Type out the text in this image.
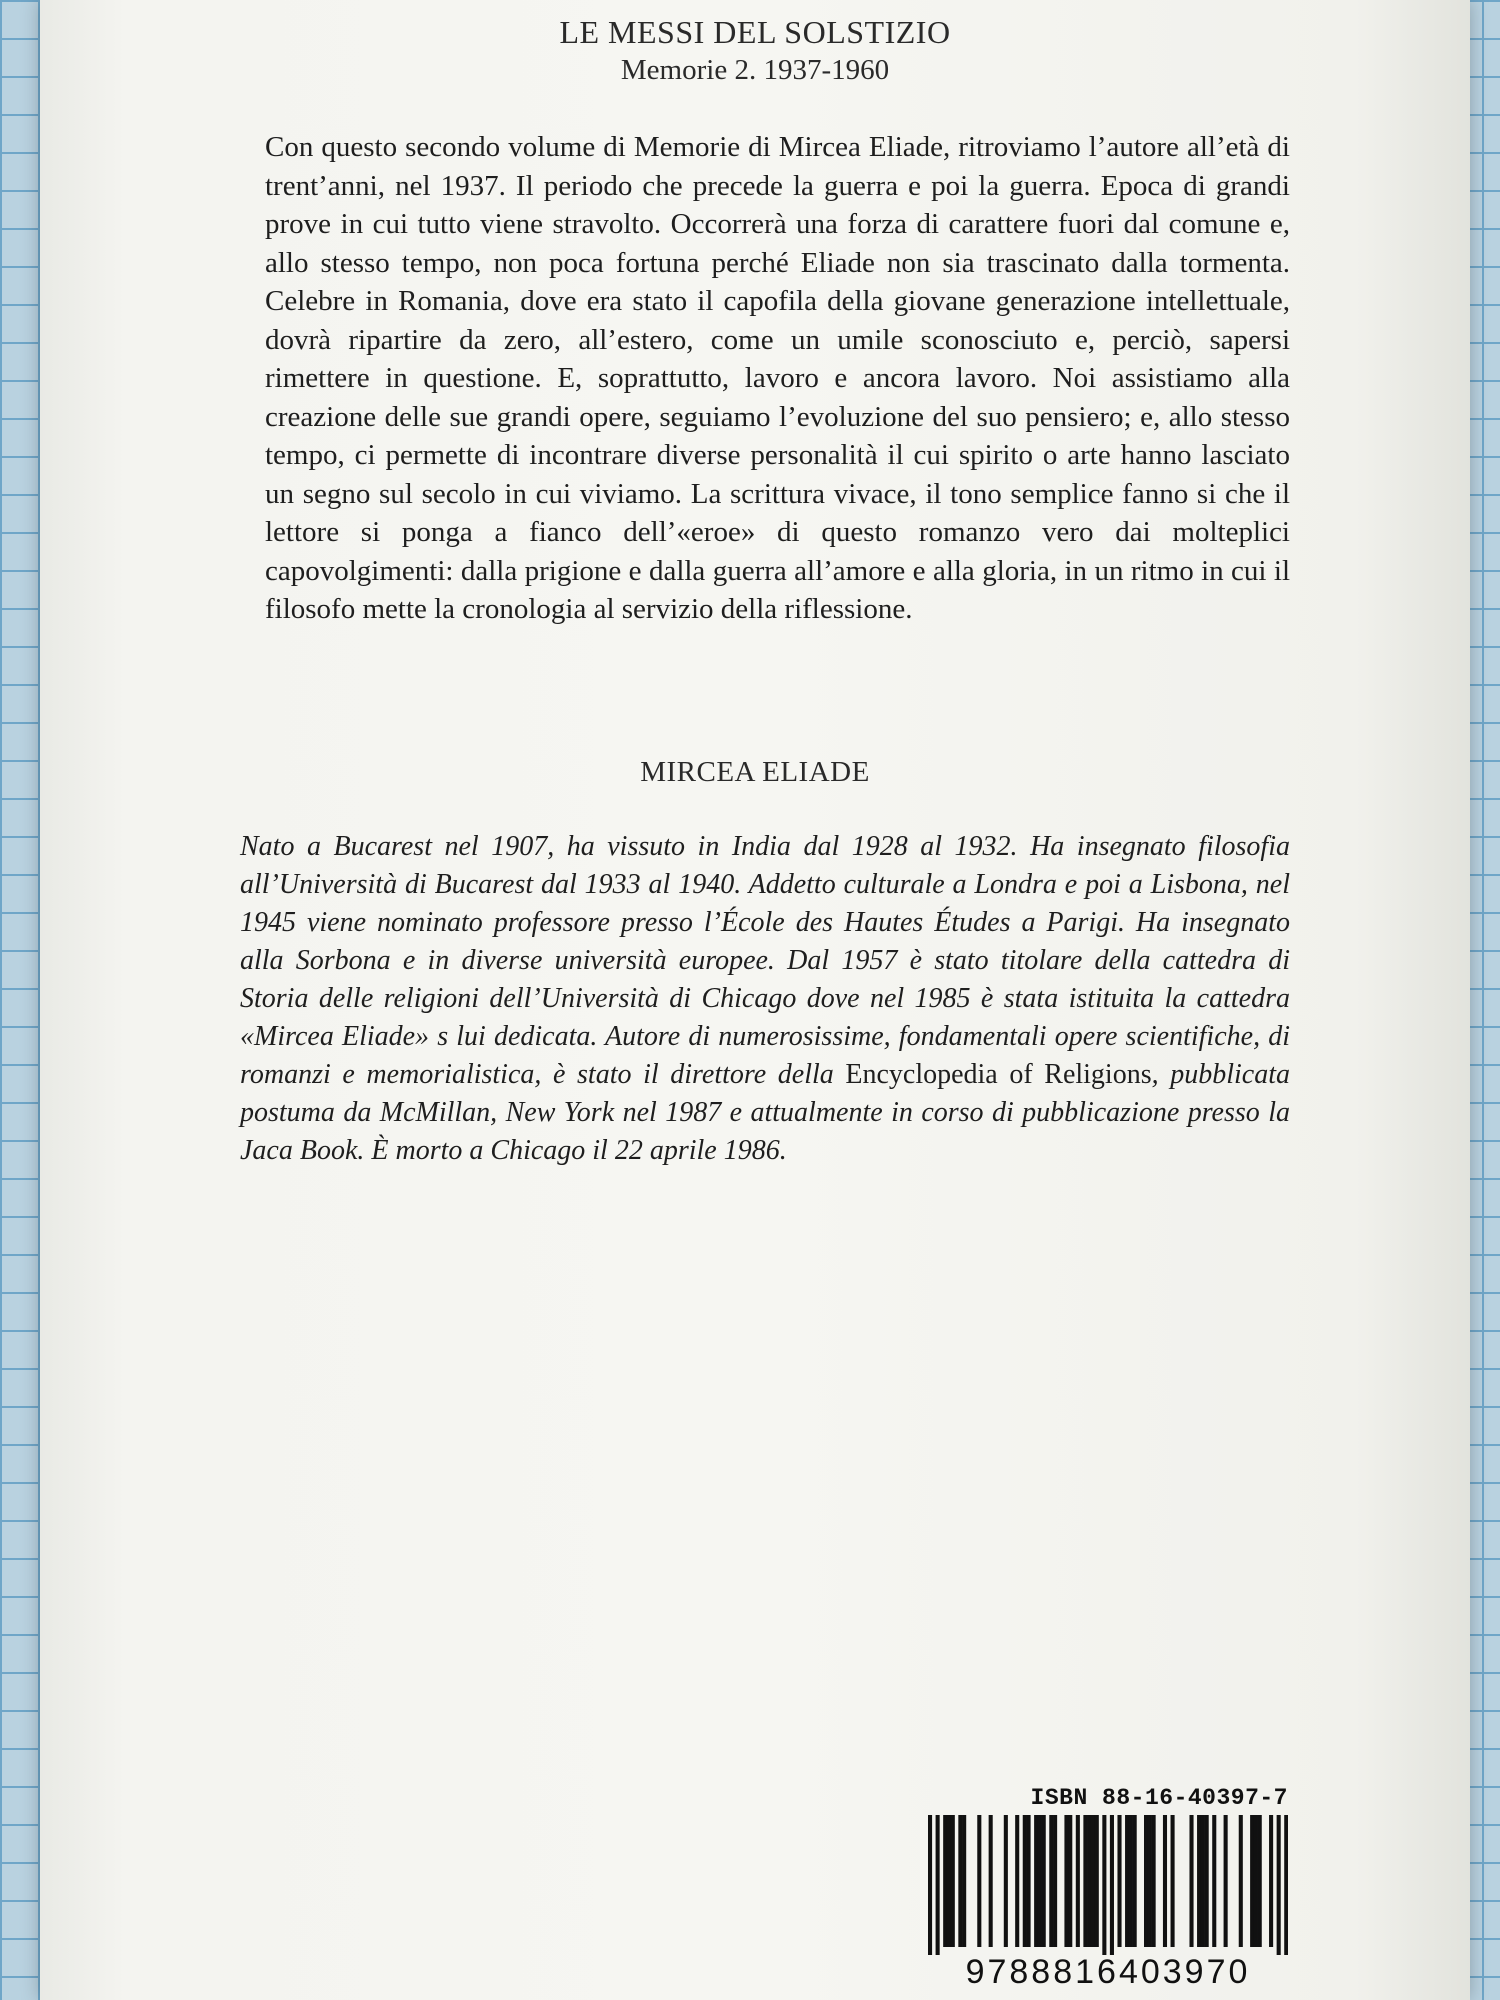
LE MESSI DEL SOLSTIZIO
Memorie 2. 1937-1960

Con questo secondo volume di Memorie di Mircea Eliade, ritroviamo l’autore all’età di trent’anni, nel 1937. Il periodo che precede la guerra e poi la guerra. Epoca di grandi prove in cui tutto viene stravolto. Occorrerà una forza di carattere fuori dal comune e, allo stesso tempo, non poca fortuna perché Eliade non sia trascinato dalla tormenta. Celebre in Romania, dove era stato il capofila della giovane generazione intellettuale, dovrà ripartire da zero, all’estero, come un umile sconosciuto e, perciò, sapersi rimettere in questione. E, soprattutto, lavoro e ancora lavoro. Noi assistiamo alla creazione delle sue grandi opere, seguiamo l’evoluzione del suo pensiero; e, allo stesso tempo, ci permette di incontrare diverse personalità il cui spirito o arte hanno lasciato un segno sul secolo in cui viviamo. La scrittura vivace, il tono semplice fanno si che il lettore si ponga a fianco dell’«eroe» di questo romanzo vero dai molteplici capovolgimenti: dalla prigione e dalla guerra all’amore e alla gloria, in un ritmo in cui il filosofo mette la cronologia al servizio della riflessione.

MIRCEA ELIADE

Nato a Bucarest nel 1907, ha vissuto in India dal 1928 al 1932. Ha insegnato filosofia all’Università di Bucarest dal 1933 al 1940. Addetto culturale a Londra e poi a Lisbona, nel 1945 viene nominato professore presso l’École des Hautes Études a Parigi. Ha insegnato alla Sorbona e in diverse università europee. Dal 1957 è stato titolare della cattedra di Storia delle religioni dell’Università di Chicago dove nel 1985 è stata istituita la cattedra «Mircea Eliade» s lui dedicata. Autore di numerosissime, fondamentali opere scientifiche, di romanzi e memorialistica, è stato il direttore della Encyclopedia of Religions, pubblicata postuma da McMillan, New York nel 1987 e attualmente in corso di pubblicazione presso la Jaca Book. È morto a Chicago il 22 aprile 1986.

ISBN 88-16-40397-7
9788816403970
